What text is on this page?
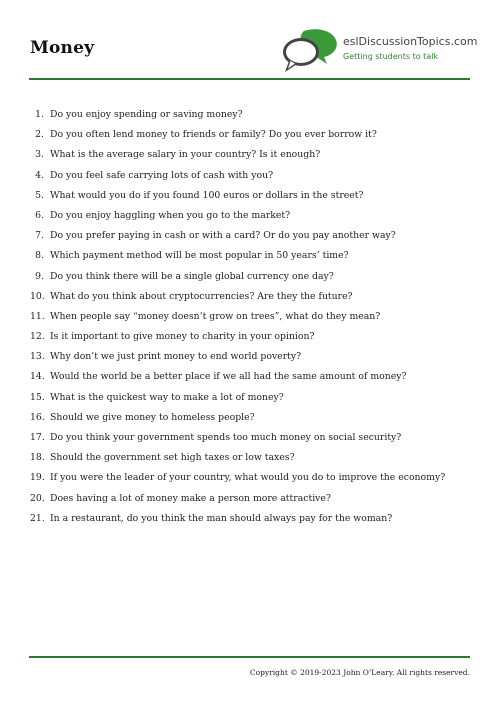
Money	eslDiscussionTopics.com
Getting students to talk
1. Do you enjoy spending or saving money?
2. Do you often lend money to friends or family? Do you ever borrow it?
3. What is the average salary in your country? Is it enough?
4. Do you feel safe carrying lots of cash with you?
5. What would you do if you found 100 euros or dollars in the street?
6. Do you enjoy haggling when you go to the market?
7. Do you prefer paying in cash or with a card? Or do you pay another way?
8. Which payment method will be most popular in 50 years’ time?
9. Do you think there will be a single global currency one day?
10. What do you think about cryptocurrencies? Are they the future?
11. When people say “money doesn’t grow on trees”, what do they mean?
12. Is it important to give money to charity in your opinion?
13. Why don’t we just print money to end world poverty?
14. Would the world be a better place if we all had the same amount of money?
15. What is the quickest way to make a lot of money?
16. Should we give money to homeless people?
17. Do you think your government spends too much money on social security?
18. Should the government set high taxes or low taxes?
19. If you were the leader of your country, what would you do to improve the economy?
20. Does having a lot of money make a person more attractive?
21. In a restaurant, do you think the man should always pay for the woman?
Copyright © 2019-2023 John O’Leary. All rights reserved.
